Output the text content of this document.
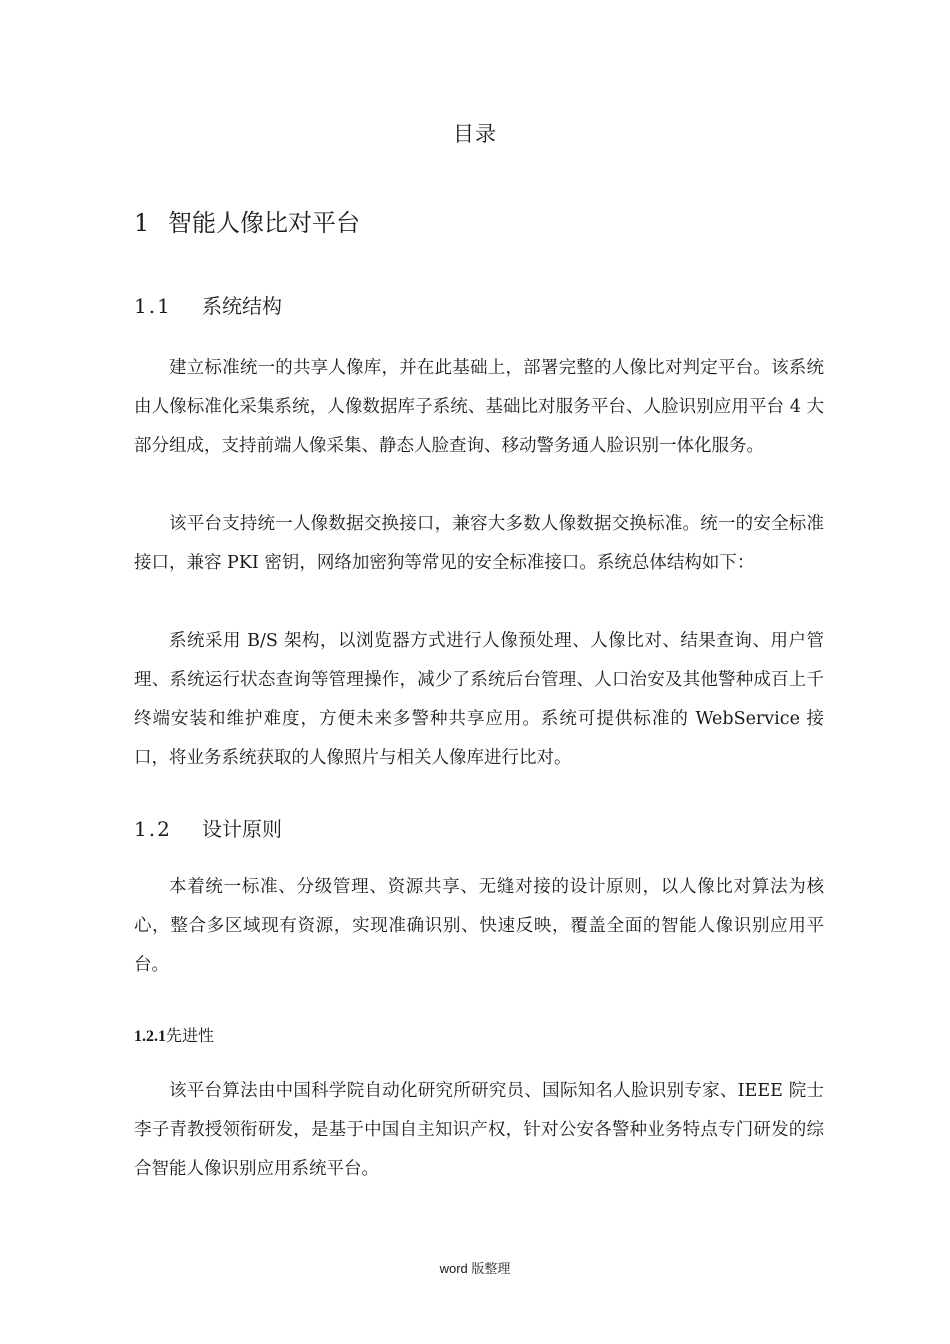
目录
1 智能人像比对平台
1.1 系统结构

建立标准统一的共享人像库，并在此基础上，部署完整的人像比对判定平台。该系统由人像标准化采集系统，人像数据库子系统、基础比对服务平台、人脸识别应用平台 4 大部分组成，支持前端人像采集、静态人脸查询、移动警务通人脸识别一体化服务。

该平台支持统一人像数据交换接口，兼容大多数人像数据交换标准。统一的安全标准接口，兼容 PKI 密钥，网络加密狗等常见的安全标准接口。系统总体结构如下：

系统采用 B/S 架构，以浏览器方式进行人像预处理、人像比对、结果查询、用户管理、系统运行状态查询等管理操作，减少了系统后台管理、人口治安及其他警种成百上千终端安装和维护难度，方便未来多警种共享应用。系统可提供标准的 WebService 接口，将业务系统获取的人像照片与相关人像库进行比对。

1.2 设计原则

本着统一标准、分级管理、资源共享、无缝对接的设计原则，以人像比对算法为核心，整合多区域现有资源，实现准确识别、快速反映，覆盖全面的智能人像识别应用平台。

1.2.1先进性

该平台算法由中国科学院自动化研究所研究员、国际知名人脸识别专家、IEEE 院士李子青教授领衔研发，是基于中国自主知识产权，针对公安各警种业务特点专门研发的综合智能人像识别应用系统平台。

word 版整理
